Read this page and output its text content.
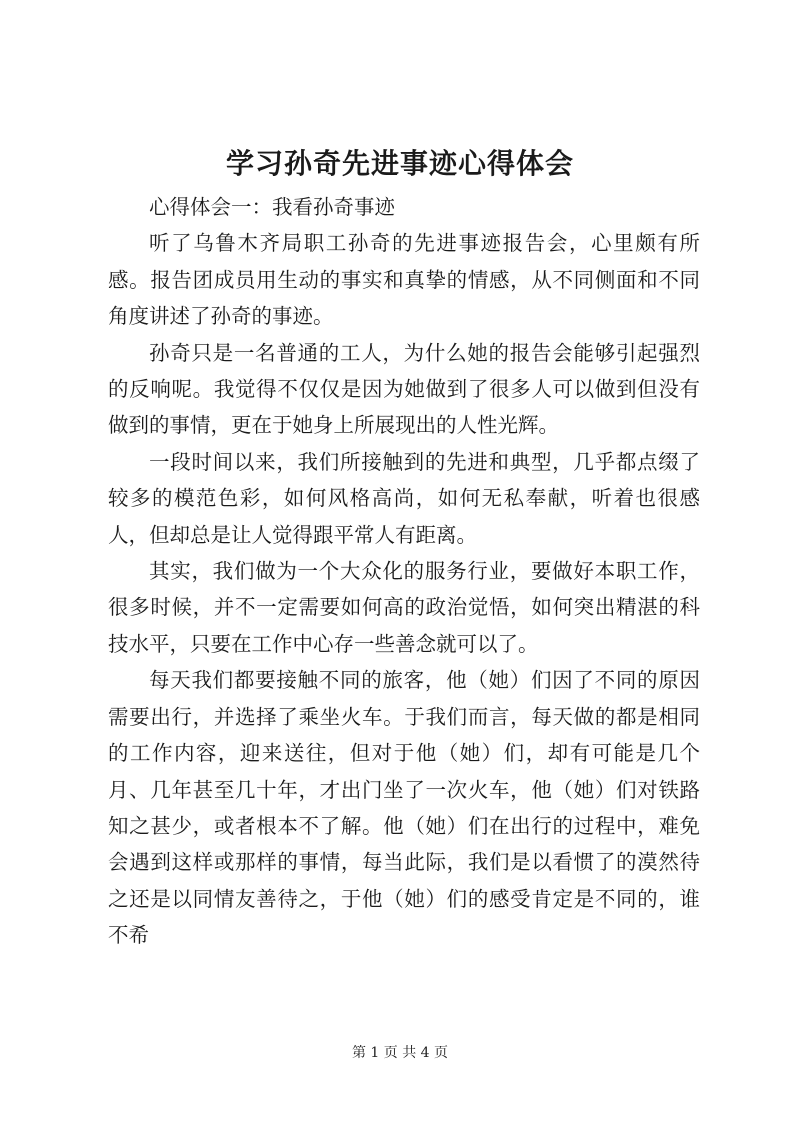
学习孙奇先进事迹心得体会

心得体会一：我看孙奇事迹

听了乌鲁木齐局职工孙奇的先进事迹报告会，心里颇有所感。报告团成员用生动的事实和真挚的情感，从不同侧面和不同角度讲述了孙奇的事迹。

孙奇只是一名普通的工人，为什么她的报告会能够引起强烈的反响呢。我觉得不仅仅是因为她做到了很多人可以做到但没有做到的事情，更在于她身上所展现出的人性光辉。

一段时间以来，我们所接触到的先进和典型，几乎都点缀了较多的模范色彩，如何风格高尚，如何无私奉献，听着也很感人，但却总是让人觉得跟平常人有距离。

其实，我们做为一个大众化的服务行业，要做好本职工作，很多时候，并不一定需要如何高的政治觉悟，如何突出精湛的科技水平，只要在工作中心存一些善念就可以了。

每天我们都要接触不同的旅客，他（她）们因了不同的原因需要出行，并选择了乘坐火车。于我们而言，每天做的都是相同的工作内容，迎来送往，但对于他（她）们，却有可能是几个月、几年甚至几十年，才出门坐了一次火车，他（她）们对铁路知之甚少，或者根本不了解。他（她）们在出行的过程中，难免会遇到这样或那样的事情，每当此际，我们是以看惯了的漠然待之还是以同情友善待之，于他（她）们的感受肯定是不同的，谁不希

第 1 页 共 4 页
